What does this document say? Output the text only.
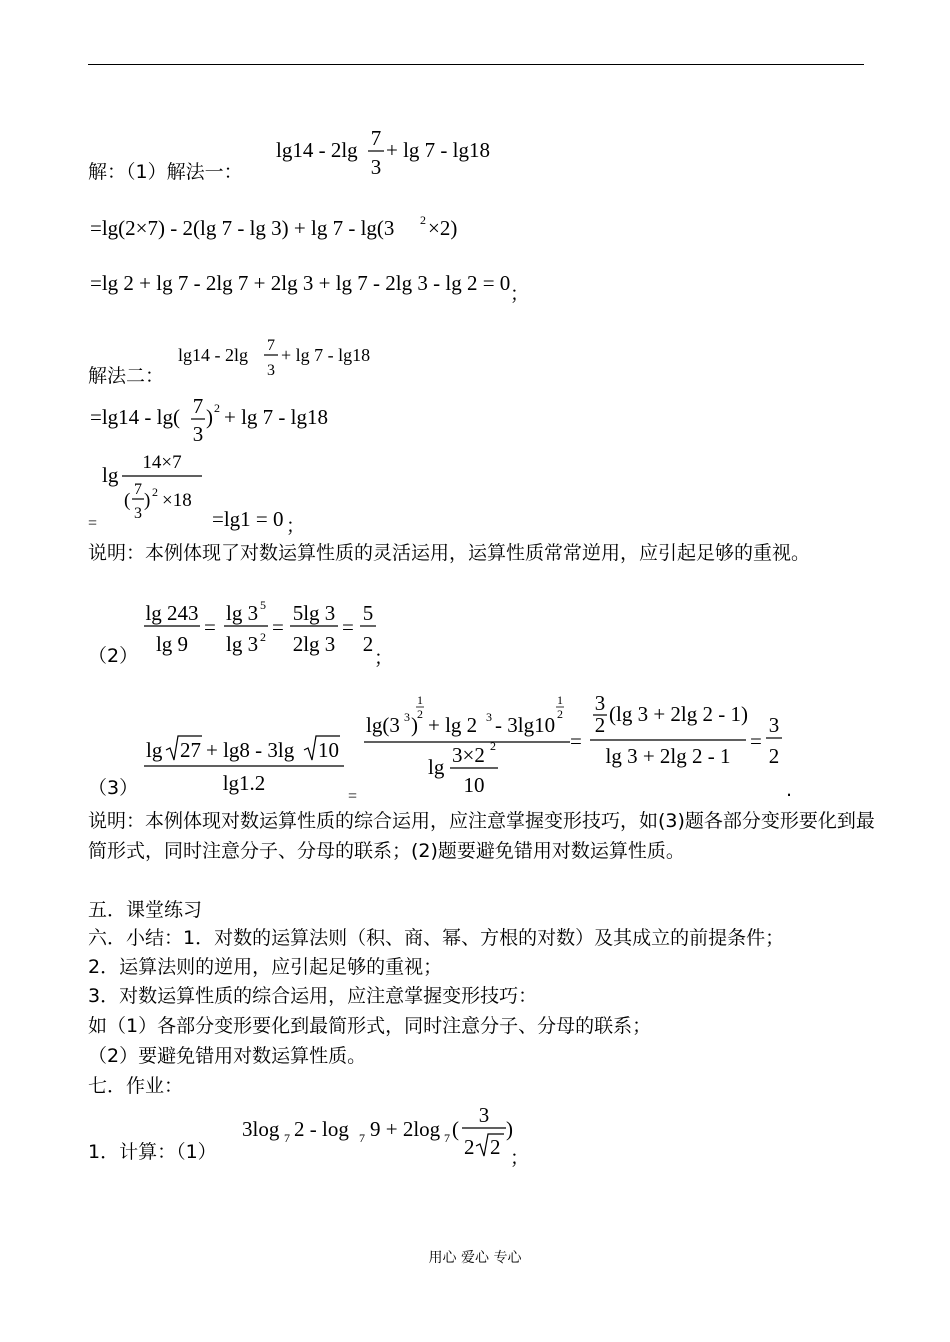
解：（1）解法一：
lg14 - 2lg 7
3
+ lg 7 - lg18
=lg(2×7) - 2(lg 7 - lg 3) + lg 7 - lg(3 2 ×2)
=lg 2 + lg 7 - 2lg 7 + 2lg 3 + lg 7 - 2lg 3 - lg 2 = 0 ；
解法二：
lg14 - 2lg 7
3
+ lg 7 - lg18
=lg14 - lg( 7
3
) 2 + lg 7 - lg18
lg
14×7
(
7
3
) 2 ×18
=	=lg1 = 0 ；
说明：本例体现了对数运算性质的灵活运用，运算性质常常逆用，应引起足够的重视。
（2）
lg 243
lg 9
=
lg 3 5
lg 3 2 =
5lg 3
2lg 3
=
5
2
；
（3）
lg 27 + lg8 - 3lg 10
lg1.2
=
lg(3 3 )
1
2 + lg 2 3 - 3lg10
1
2
lg 3×2 2
10
=
3
2 (lg 3 + 2lg 2 - 1)
lg 3 + 2lg 2 - 1
=
3
2
.
说明：本例体现对数运算性质的综合运用，应注意掌握变形技巧，如(3)题各部分变形要化到最简形式，同时注意分子、分母的联系；(2)题要避免错用对数运算性质。
五．课堂练习
六．小结：1．对数的运算法则（积、商、幂、方根的对数）及其成立的前提条件；
2．运算法则的逆用，应引起足够的重视；
3．对数运算性质的综合运用，应注意掌握变形技巧：
如（1）各部分变形要化到最简形式，同时注意分子、分母的联系；
（2）要避免错用对数运算性质。
七．作业：
1．计算：（1）
3log 7 2 - log 7 9 + 2log 7 (
3
2 2
)
；
用心 爱心 专心
